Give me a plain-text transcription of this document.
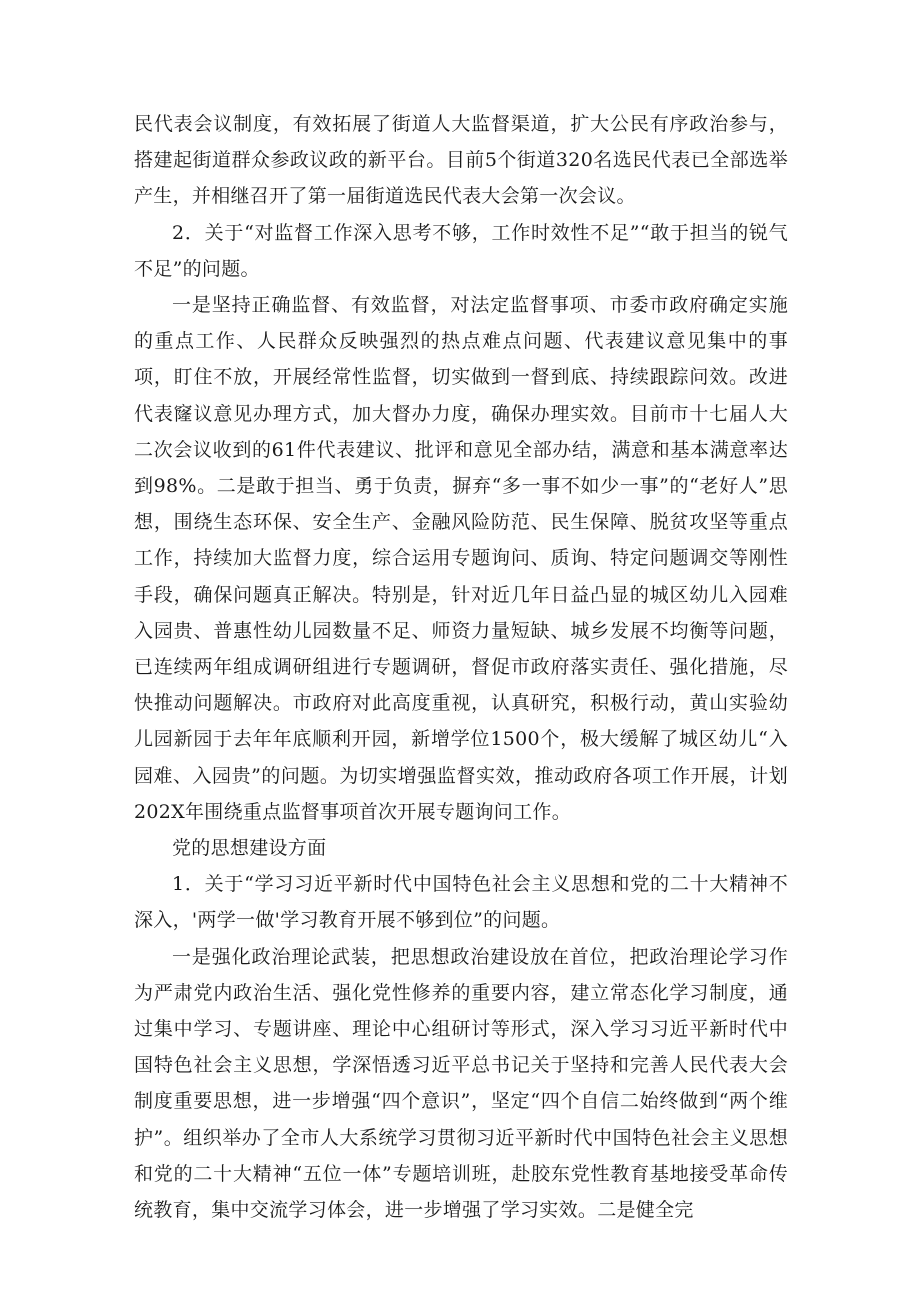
民代表会议制度，有效拓展了街道人大监督渠道，扩大公民有序政治参与，搭建起街道群众参政议政的新平台。目前5个街道320名选民代表已全部选举产生，并相继召开了第一届街道选民代表大会第一次会议。

2．关于“对监督工作深入思考不够，工作时效性不足”“敢于担当的锐气不足”的问题。

一是坚持正确监督、有效监督，对法定监督事项、市委市政府确定实施的重点工作、人民群众反映强烈的热点难点问题、代表建议意见集中的事项，盯住不放，开展经常性监督，切实做到一督到底、持续跟踪问效。改进代表窿议意见办理方式，加大督办力度，确保办理实效。目前市十七届人大二次会议收到的61件代表建议、批评和意见全部办结，满意和基本满意率达到98%。二是敢于担当、勇于负责，摒弃“多一事不如少一事”的“老好人”思想，围绕生态环保、安全生产、金融风险防范、民生保障、脱贫攻坚等重点工作，持续加大监督力度，综合运用专题询问、质询、特定问题调交等刚性手段，确保问题真正解决。特别是，针对近几年日益凸显的城区幼儿入园难入园贵、普惠性幼儿园数量不足、师资力量短缺、城乡发展不均衡等问题，已连续两年组成调研组进行专题调研，督促市政府落实责任、强化措施，尽快推动问题解决。市政府对此高度重视，认真研究，积极行动，黄山实验幼儿园新园于去年年底顺利开园，新增学位1500个，极大缓解了城区幼儿“入园难、入园贵”的问题。为切实增强监督实效，推动政府各项工作开展，计划202X年围绕重点监督事项首次开展专题询问工作。

党的思想建设方面

1．关于“学习习近平新时代中国特色社会主义思想和党的二十大精神不深入，'两学一做'学习教育开展不够到位”的问题。

一是强化政治理论武装，把思想政治建设放在首位，把政治理论学习作为严肃党内政治生活、强化党性修养的重要内容，建立常态化学习制度，通过集中学习、专题讲座、理论中心组研讨等形式，深入学习习近平新时代中国特色社会主义思想，学深悟透习近平总书记关于坚持和完善人民代表大会制度重要思想，进一步增强“四个意识”，坚定“四个自信二始终做到“两个维护”。组织举办了全市人大系统学习贯彻习近平新时代中国特色社会主义思想和党的二十大精神“五位一体”专题培训班，赴胶东党性教育基地接受革命传统教育，集中交流学习体会，进一步增强了学习实效。二是健全完
